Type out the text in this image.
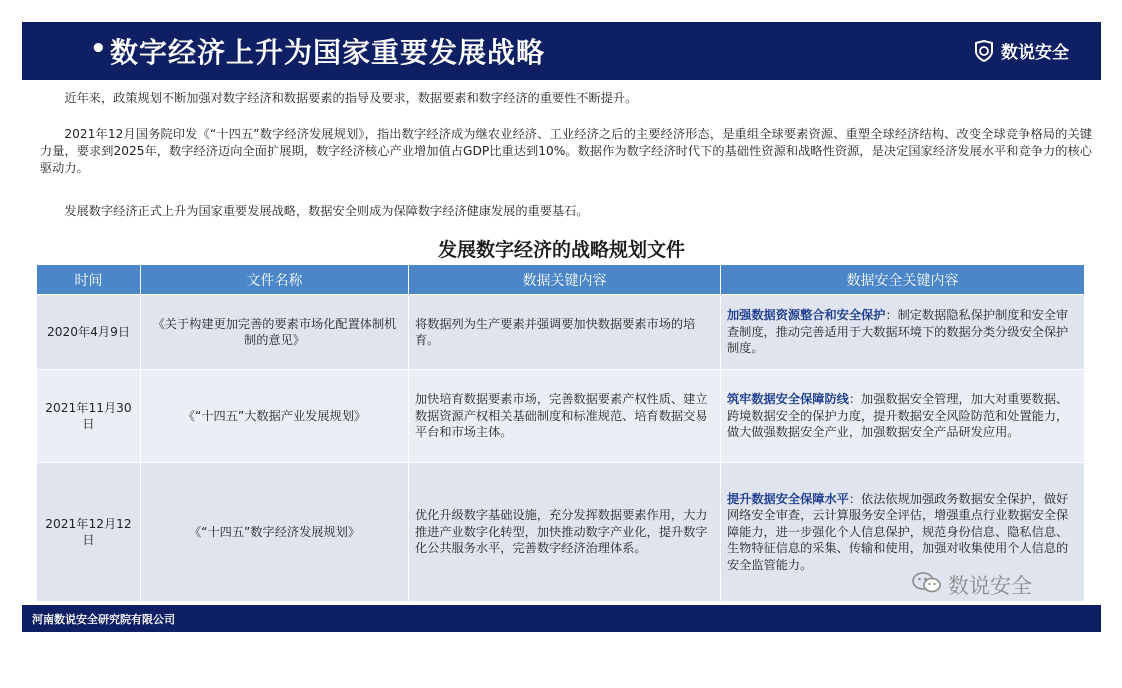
• 数字经济上升为国家重要发展战略	数说安全
近年来，政策规划不断加强对数字经济和数据要素的指导及要求，数据要素和数字经济的重要性不断提升。
2021年12月国务院印发《“十四五”数字经济发展规划》，指出数字经济成为继农业经济、工业经济之后的主要经济形态，是重组全球要素资源、重塑全球经济结构、改变全球竞争格局的关键力量，要求到2025年，数字经济迈向全面扩展期，数字经济核心产业增加值占GDP比重达到10%。数据作为数字经济时代下的基础性资源和战略性资源，是决定国家经济发展水平和竞争力的核心驱动力。
发展数字经济正式上升为国家重要发展战略，数据安全则成为保障数字经济健康发展的重要基石。
发展数字经济的战略规划文件
时间	文件名称	数据关键内容	数据安全关键内容
2020年4月9日	《关于构建更加完善的要素市场化配置体制机制的意见》	将数据列为生产要素并强调要加快数据要素市场的培育。	加强数据资源整合和安全保护：制定数据隐私保护制度和安全审查制度，推动完善适用于大数据环境下的数据分类分级安全保护制度。
2021年11月30日	《“十四五”大数据产业发展规划》	加快培育数据要素市场，完善数据要素产权性质、建立数据资源产权相关基础制度和标准规范、培育数据交易平台和市场主体。	筑牢数据安全保障防线：加强数据安全管理，加大对重要数据、跨境数据安全的保护力度，提升数据安全风险防范和处置能力，做大做强数据安全产业，加强数据安全产品研发应用。
2021年12月12日	《“十四五”数字经济发展规划》	优化升级数字基础设施，充分发挥数据要素作用，大力推进产业数字化转型，加快推动数字产业化，提升数字化公共服务水平，完善数字经济治理体系。	提升数据安全保障水平：依法依规加强政务数据安全保护，做好网络安全审查，云计算服务安全评估，增强重点行业数据安全保障能力，进一步强化个人信息保护，规范身份信息、隐私信息、生物特征信息的采集、传输和使用，加强对收集使用个人信息的安全监管能力。
数说安全
河南数说安全研究院有限公司
